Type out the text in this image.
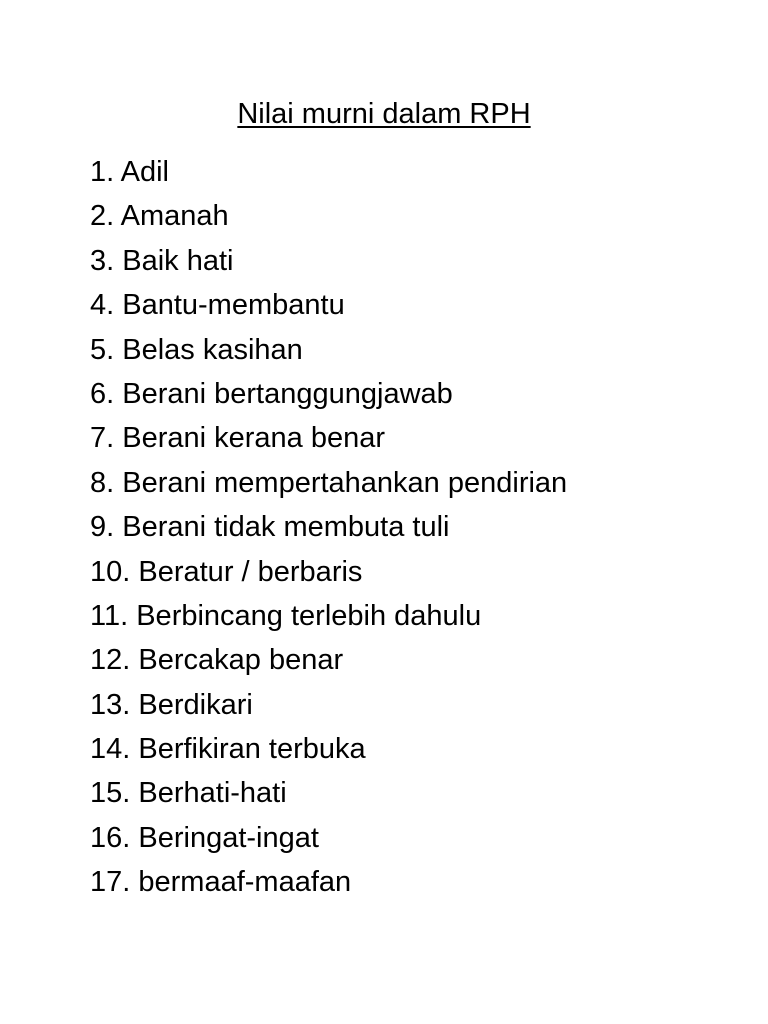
Nilai murni dalam RPH
1. Adil
2. Amanah
3. Baik hati
4. Bantu-membantu
5. Belas kasihan
6. Berani bertanggungjawab
7. Berani kerana benar
8. Berani mempertahankan pendirian
9. Berani tidak membuta tuli
10. Beratur / berbaris
11. Berbincang terlebih dahulu
12. Bercakap benar
13. Berdikari
14. Berfikiran terbuka
15. Berhati-hati
16. Beringat-ingat
17. bermaaf-maafan
